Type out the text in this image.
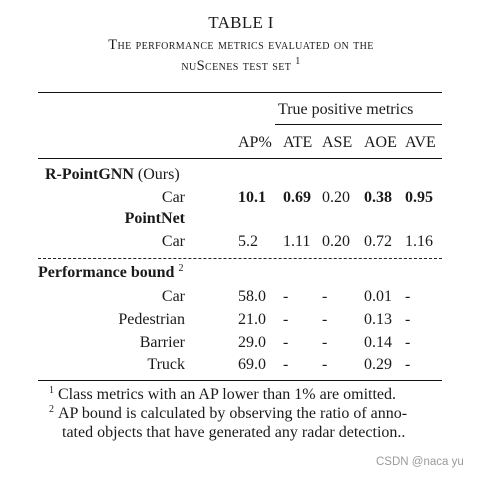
TABLE I
The performance metrics evaluated on the
nuScenes test set $^1$
True positive metrics
AP% ATE ASE AOE AVE
R-PointGNN (Ours)
Car	10.1 0.69 0.20 0.38 0.95
PointNet
Car	5.2 1.11 0.20 0.72 1.16
Performance bound $^2$
Car	58.0 - - 0.01 -
Pedestrian	21.0 - - 0.13 -
Barrier	29.0 - - 0.14 -
Truck	69.0 - - 0.29 -
$^1$ Class metrics with an AP lower than 1% are omitted.
$^2$ AP bound is calculated by observing the ratio of anno-
tated objects that have generated any radar detection..
CSDN @naca yu
